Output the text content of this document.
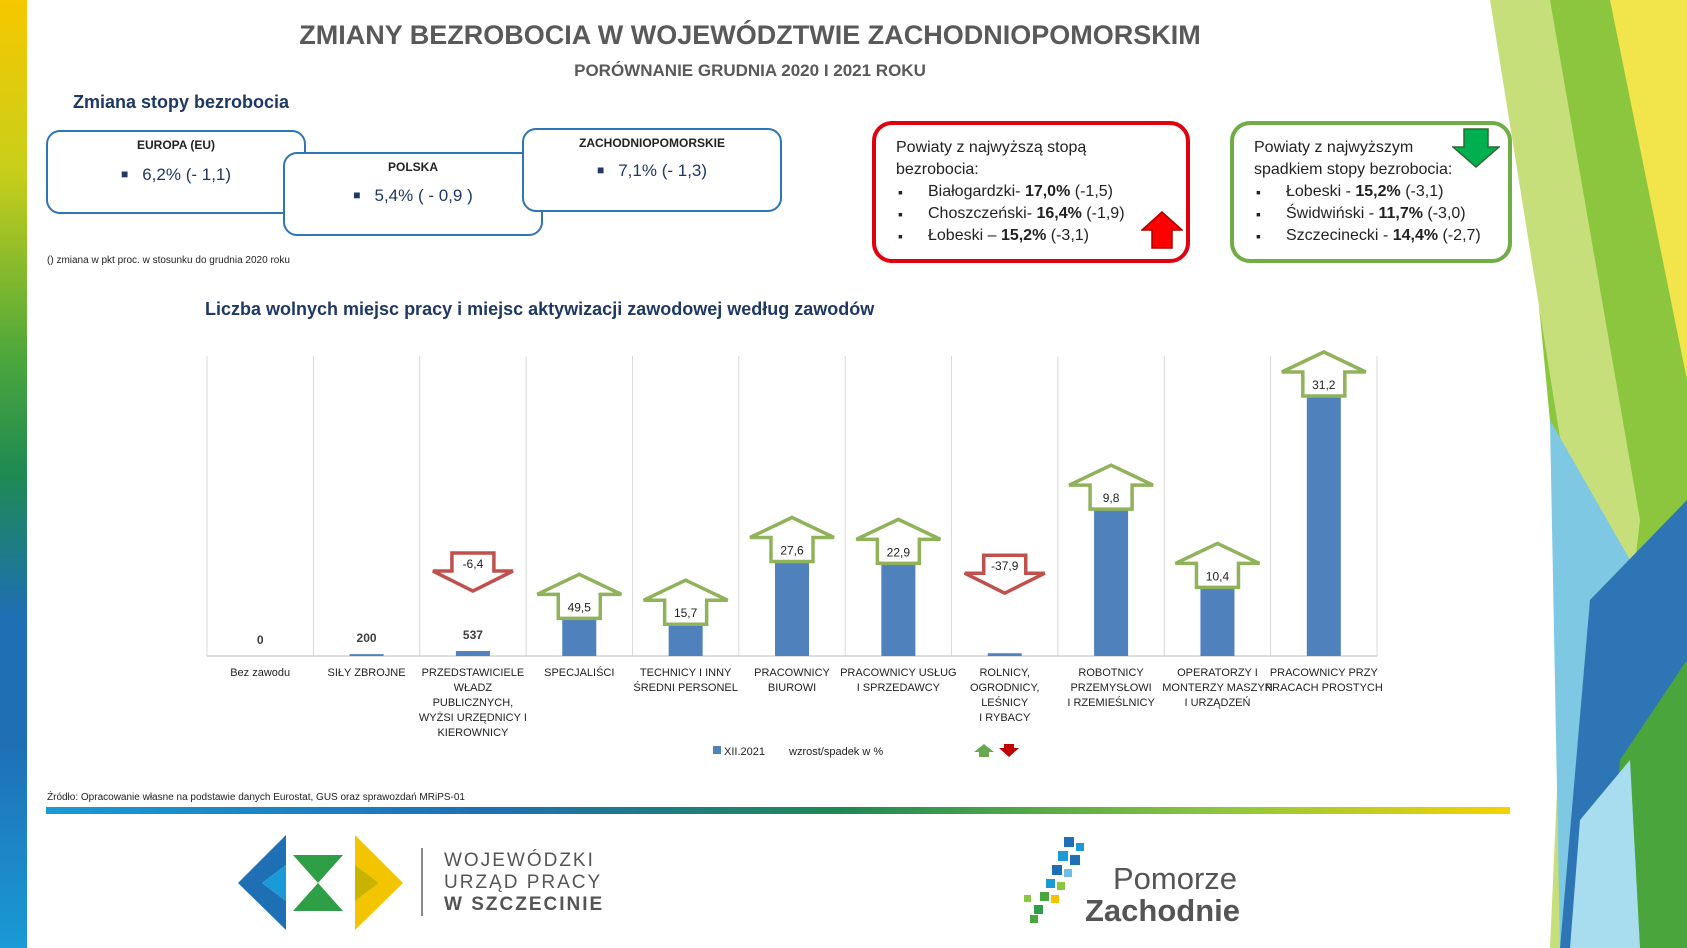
ZMIANY BEZROBOCIA W WOJEWÓDZTWIE ZACHODNIOPOMORSKIM
PORÓWNANIE GRUDNIA 2020 I 2021 ROKU
Zmiana stopy bezrobocia
EUROPA (EU)
■ 6,2% (- 1,1)	POLSKA
■ 5,4% ( - 0,9 )
ZACHODNIOPOMORSKIE
■ 7,1% (- 1,3)
() zmiana w pkt proc. w stosunku do grudnia 2020 roku
Powiaty z najwyższą stopą
bezrobocia:
▪ Białogardzki- 17,0% (-1,5)
▪ Choszczeński- 16,4% (-1,9)
▪ Łobeski – 15,2% (-3,1)
Powiaty z najwyższym
spadkiem stopy bezrobocia:
▪ Łobeski - 15,2% (-3,1)
▪ Świdwiński - 11,7% (-3,0)
▪ Szczecinecki - 14,4% (-2,7)
Liczba wolnych miejsc pracy i miejsc aktywizacji zawodowej według zawodów
0
Bez zawodu
200
SIŁY ZBROJNE
537
PRZEDSTAWICIELE
WŁADZ
PUBLICZNYCH,
WYŻSI URZĘDNICY I
KIEROWNICY
-6,4
SPECJALIŚCI
49,5
TECHNICY I INNY
ŚREDNI PERSONEL
15,7
PRACOWNICY
BIUROWI
27,6
PRACOWNICY USŁUG
I SPRZEDAWCY
22,9
ROLNICY,
OGRODNICY,
LEŚNICY
I RYBACY
-37,9
ROBOTNICY
PRZEMYSŁOWI
I RZEMIEŚLNICY
9,8
OPERATORZY I
MONTERZY MASZYN
I URZĄDZEŃ
10,4
PRACOWNICY PRZY
PRACACH PROSTYCH
31,2
XII.2021 wzrost/spadek w %
Źródło: Opracowanie własne na podstawie danych Eurostat, GUS oraz sprawozdań MRiPS-01
WOJEWÓDZKI
URZĄD PRACY
W SZCZECINIE
Pomorze
Zachodnie
